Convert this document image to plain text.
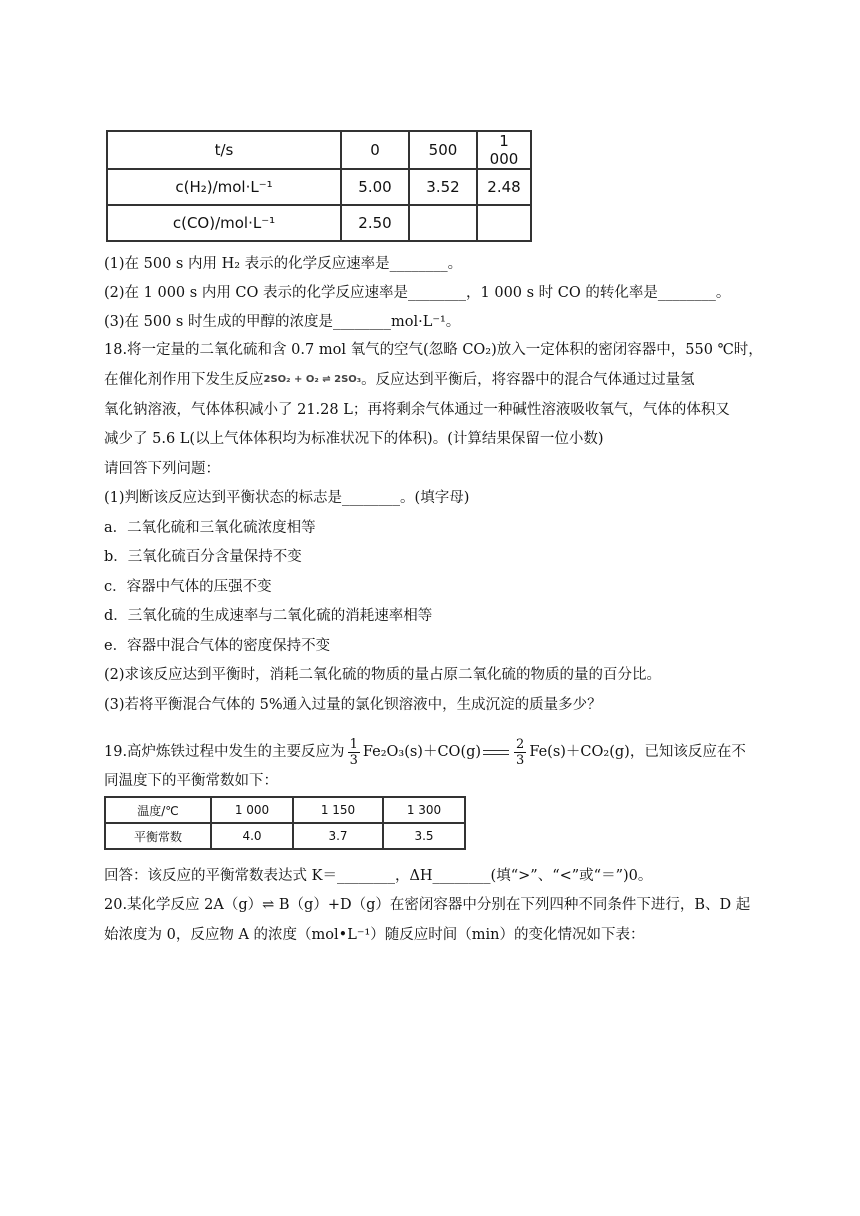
t/s	0	500	1 000
c(H₂)/mol·L⁻¹	5.00	3.52	2.48
c(CO)/mol·L⁻¹	2.50		
(1)在 500 s 内用 H₂ 表示的化学反应速率是________。
(2)在 1 000 s 内用 CO 表示的化学反应速率是________，1 000 s 时 CO 的转化率是________。
(3)在 500 s 时生成的甲醇的浓度是________mol·L⁻¹。
18.将一定量的二氧化硫和含 0.7 mol 氧气的空气(忽略 CO₂)放入一定体积的密闭容器中，550 ℃时，
在催化剂作用下发生反应2SO₂ + O₂ ⇌ 2SO₃。反应达到平衡后，将容器中的混合气体通过过量氢
氧化钠溶液，气体体积减小了 21.28 L；再将剩余气体通过一种碱性溶液吸收氧气，气体的体积又
减少了 5.6 L(以上气体体积均为标准状况下的体积)。(计算结果保留一位小数)
请回答下列问题：
(1)判断该反应达到平衡状态的标志是________。(填字母)
a．二氧化硫和三氧化硫浓度相等
b．三氧化硫百分含量保持不变
c．容器中气体的压强不变
d．三氧化硫的生成速率与二氧化硫的消耗速率相等
e．容器中混合气体的密度保持不变
(2)求该反应达到平衡时，消耗二氧化硫的物质的量占原二氧化硫的物质的量的百分比。
(3)若将平衡混合气体的 5%通入过量的氯化钡溶液中，生成沉淀的质量多少？
19.高炉炼铁过程中发生的主要反应为 $\frac{1}{3} Fe_2O_3(s)+CO(g)$	$\frac{2}{3} Fe(s)+CO_2(g)$，已知该反应在不
同温度下的平衡常数如下：
温度/℃	1 000	1 150	1 300
平衡常数	4.0	3.7	3.5
回答：该反应的平衡常数表达式 K＝________，ΔH________(填“>”、“<”或“＝”)0。
20.某化学反应 2A（g）⇌ B（g）+D（g）在密闭容器中分别在下列四种不同条件下进行，B、D 起
始浓度为 0，反应物 A 的浓度（mol•L⁻¹）随反应时间（min）的变化情况如下表：
